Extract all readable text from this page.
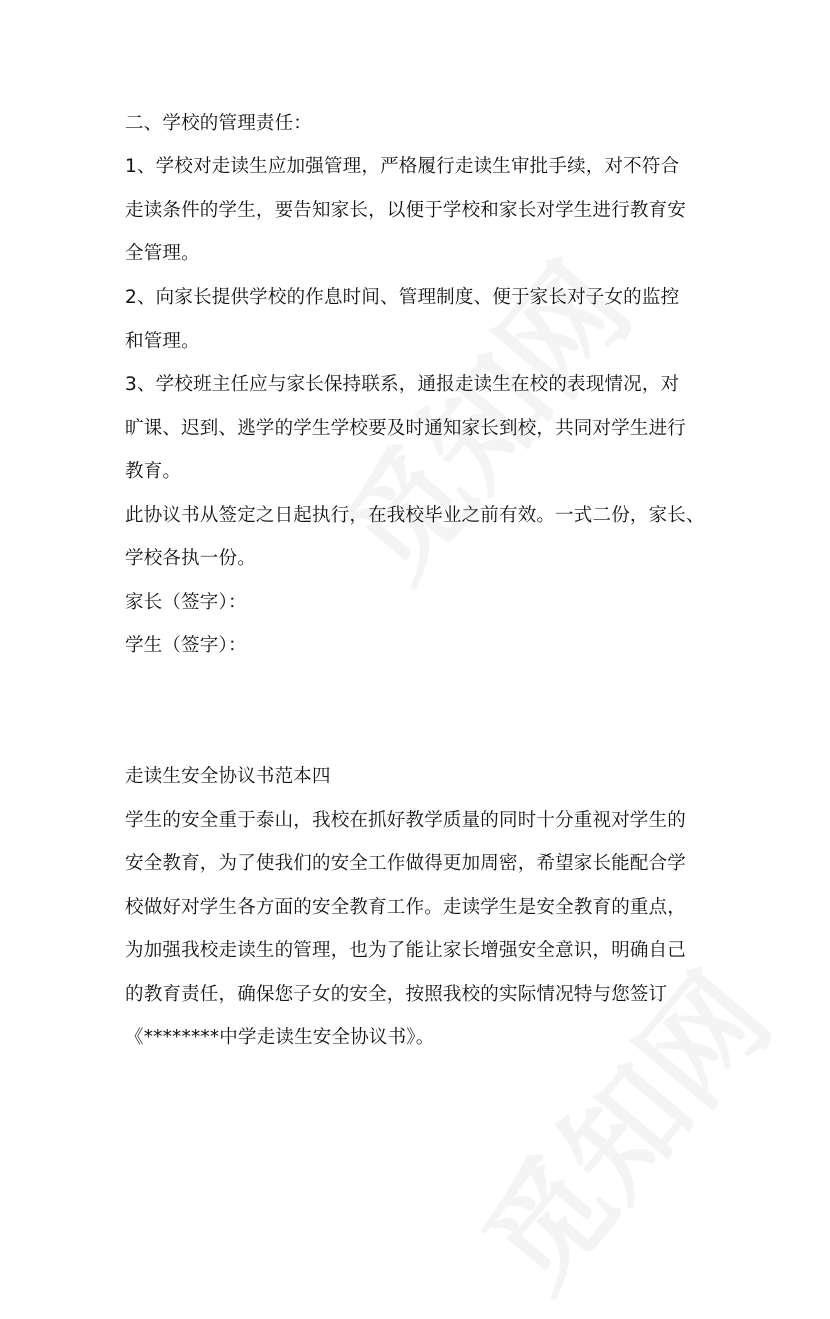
二、学校的管理责任：
1、学校对走读生应加强管理，严格履行走读生审批手续，对不符合
走读条件的学生，要告知家长，以便于学校和家长对学生进行教育安
全管理。
2、向家长提供学校的作息时间、管理制度、便于家长对子女的监控
和管理。
3、学校班主任应与家长保持联系，通报走读生在校的表现情况，对
旷课、迟到、逃学的学生学校要及时通知家长到校，共同对学生进行
教育。
此协议书从签定之日起执行，在我校毕业之前有效。一式二份，家长、
学校各执一份。
家长（签字）：
学生（签字）：
走读生安全协议书范本四
学生的安全重于泰山，我校在抓好教学质量的同时十分重视对学生的
安全教育，为了使我们的安全工作做得更加周密，希望家长能配合学
校做好对学生各方面的安全教育工作。走读学生是安全教育的重点，
为加强我校走读生的管理，也为了能让家长增强安全意识，明确自己
的教育责任，确保您子女的安全，按照我校的实际情况特与您签订
《********中学走读生安全协议书》。
